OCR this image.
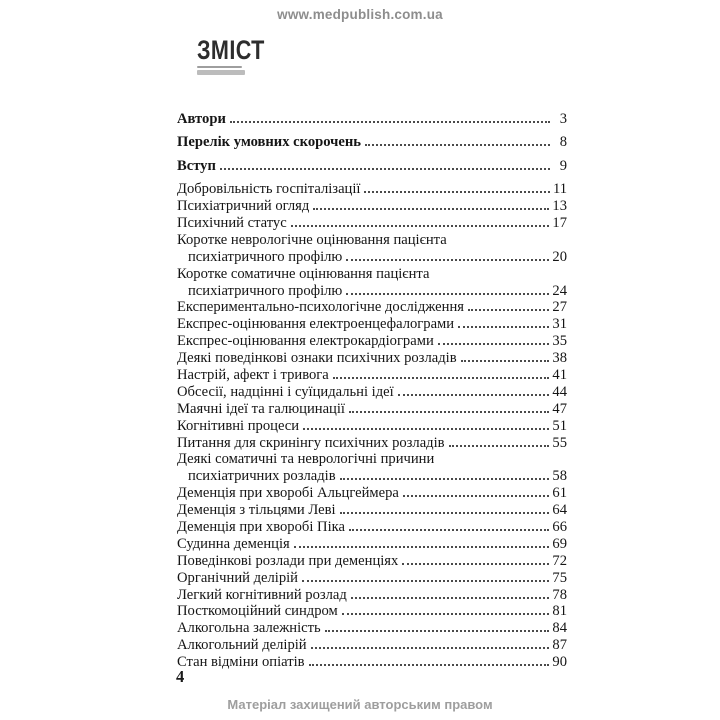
www.medpublish.com.ua
ЗМІСТ
Автори	3
Перелік умовних скорочень	8
Вступ	9
Добровільність госпіталізації	11
Психіатричний огляд	13
Психічний статус	17
Коротке неврологічне оцінювання пацієнта
психіатричного профілю	20
Коротке соматичне оцінювання пацієнта
психіатричного профілю	24
Експериментально-психологічне дослідження	27
Експрес-оцінювання електроенцефалограми	31
Експрес-оцінювання електрокардіограми	35
Деякі поведінкові ознаки психічних розладів	38
Настрій, афект і тривога	41
Обсесії, надцінні і суїцидальні ідеї	44
Маячні ідеї та галюцинації	47
Когнітивні процеси	51
Питання для скринінгу психічних розладів	55
Деякі соматичні та неврологічні причини
психіатричних розладів	58
Деменція при хворобі Альцгеймера	61
Деменція з тільцями Леві	64
Деменція при хворобі Піка	66
Судинна деменція	69
Поведінкові розлади при деменціях	72
Органічний делірій	75
Легкий когнітивний розлад	78
Посткомоційний синдром	81
Алкогольна залежність	84
Алкогольний делірій	87
Стан відміни опіатів	90
4
Матеріал захищений авторським правом
